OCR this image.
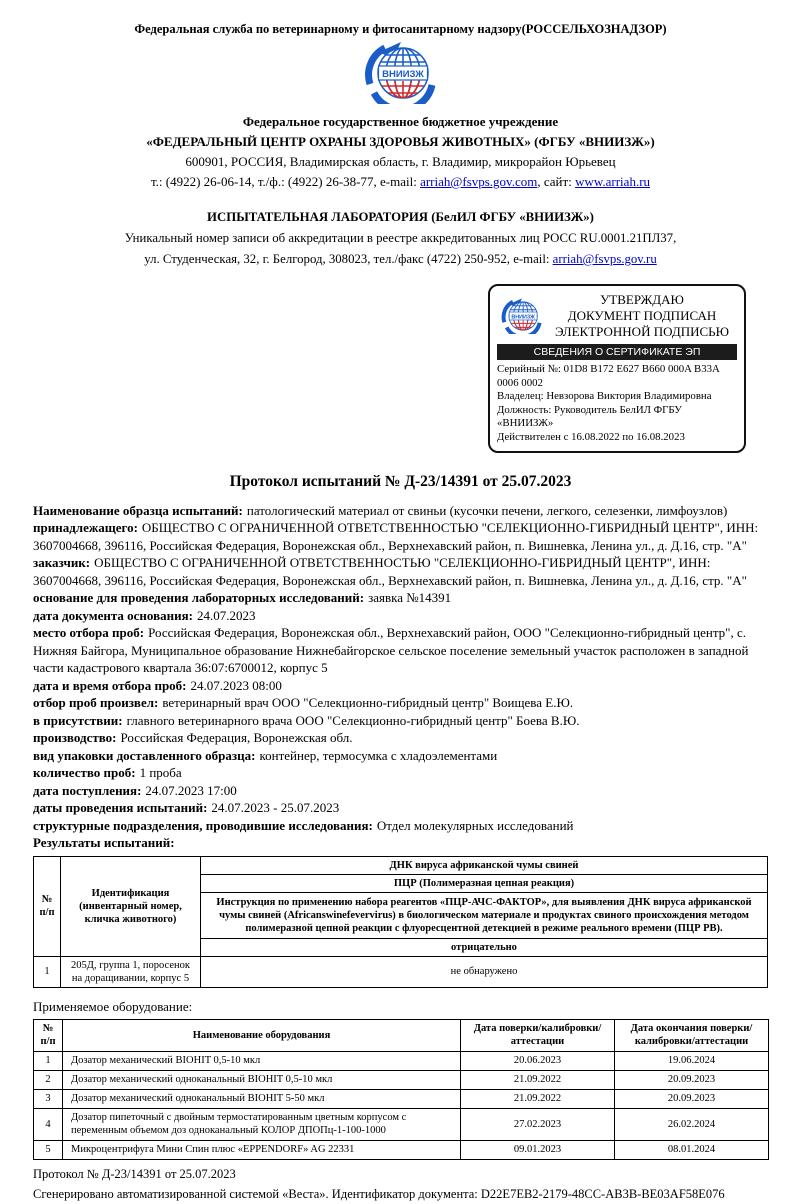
Федеральная служба по ветеринарному и фитосанитарному надзору(РОССЕЛЬХОЗНАДЗОР)
ВНИИЗЖ
Федеральное государственное бюджетное учреждение
«ФЕДЕРАЛЬНЫЙ ЦЕНТР ОХРАНЫ ЗДОРОВЬЯ ЖИВОТНЫХ» (ФГБУ «ВНИИЗЖ»)
600901, РОССИЯ, Владимирская область, г. Владимир, микрорайон Юрьевец
т.: (4922) 26-06-14, т./ф.: (4922) 26-38-77, e-mail: arriah@fsvps.gov.com, сайт: www.arriah.ru
ИСПЫТАТЕЛЬНАЯ ЛАБОРАТОРИЯ (БелИЛ ФГБУ «ВНИИЗЖ»)
Уникальный номер записи об аккредитации в реестре аккредитованных лиц РОСС RU.0001.21ПЛ37,
ул. Студенческая, 32, г. Белгород, 308023, тел./факс (4722) 250-952, e-mail: arriah@fsvps.gov.ru
ВНИИЗЖ
УТВЕРЖДАЮ
ДОКУМЕНТ ПОДПИСАН
ЭЛЕКТРОННОЙ ПОДПИСЬЮ
СВЕДЕНИЯ О СЕРТИФИКАТЕ ЭП
Серийный №: 01D8 B172 E627 B660 000A B33A 0006 0002
Владелец: Невзорова Виктория Владимировна
Должность: Руководитель БелИЛ ФГБУ «ВНИИЗЖ»
Действителен с 16.08.2022 по 16.08.2023
Протокол испытаний № Д-23/14391 от 25.07.2023

Наименование образца испытаний: патологический материал от свиньи (кусочки печени, легкого, селезенки, лимфоузлов)

принадлежащего: ОБЩЕСТВО С ОГРАНИЧЕННОЙ ОТВЕТСТВЕННОСТЬЮ "СЕЛЕКЦИОННО-ГИБРИДНЫЙ ЦЕНТР", ИНН: 3607004668, 396116, Российская Федерация, Воронежская обл., Верхнехавский район, п. Вишневка, Ленина ул., д. Д.16, стр. "А"

заказчик: ОБЩЕСТВО С ОГРАНИЧЕННОЙ ОТВЕТСТВЕННОСТЬЮ "СЕЛЕКЦИОННО-ГИБРИДНЫЙ ЦЕНТР", ИНН: 3607004668, 396116, Российская Федерация, Воронежская обл., Верхнехавский район, п. Вишневка, Ленина ул., д. Д.16, стр. "А"

основание для проведения лабораторных исследований: заявка №14391

дата документа основания: 24.07.2023

место отбора проб: Российская Федерация, Воронежская обл., Верхнехавский район, ООО "Селекционно-гибридный центр", с. Нижняя Байгора, Муниципальное образование Нижнебайгорское сельское поселение земельный участок расположен в западной части кадастрового квартала 36:07:6700012, корпус 5

дата и время отбора проб: 24.07.2023 08:00

отбор проб произвел: ветеринарный врач ООО "Селекционно-гибридный центр" Воищева Е.Ю.

в присутствии: главного ветеринарного врача ООО "Селекционно-гибридный центр" Боева В.Ю.

производство: Российская Федерация, Воронежская обл.

вид упаковки доставленного образца: контейнер, термосумка с хладоэлементами

количество проб: 1 проба

дата поступления: 24.07.2023 17:00

даты проведения испытаний: 24.07.2023 - 25.07.2023

структурные подразделения, проводившие исследования: Отдел молекулярных исследований

Результаты испытаний:

№ п/п	Идентификация (инвентарный номер, кличка животного)	ДНК вируса африканской чумы свиней
		ПЦР (Полимеразная цепная реакция)
		Инструкция по применению набора реагентов «ПЦР-АЧС-ФАКТОР», для выявления ДНК вируса африканской чумы свиней (Africanswinefevervirus) в биологическом материале и продуктах свиного происхождения методом полимеразной цепной реакции с флуоресцентной детекцией в режиме реального времени (ПЦР РВ).
		отрицательно
1	205Д, группа 1, поросенок на доращивании, корпус 5	не обнаружено

Применяемое оборудование:

№ п/п	Наименование оборудования	Дата поверки/калибровки/аттестации	Дата окончания поверки/калибровки/аттестации
1	Дозатор механический BIOHIT 0,5-10 мкл	20.06.2023	19.06.2024
2	Дозатор механический одноканальный BIOHIT 0,5-10 мкл	21.09.2022	20.09.2023
3	Дозатор механический одноканальный BIOHIT 5-50 мкл	21.09.2022	20.09.2023
4	Дозатор пипеточный с двойным термостатированным цветным корпусом с переменным объемом доз одноканальный КОЛОР ДПОПц-1-100-1000	27.02.2023	26.02.2024
5	Микроцентрифуга Мини Спин плюс «EPPENDORF» AG 22331	09.01.2023	08.01.2024
Протокол № Д-23/14391 от 25.07.2023
Сгенерировано автоматизированной системой «Веста». Идентификатор документа: D22E7EB2-2179-48CC-AB3B-BE03AF58E076
